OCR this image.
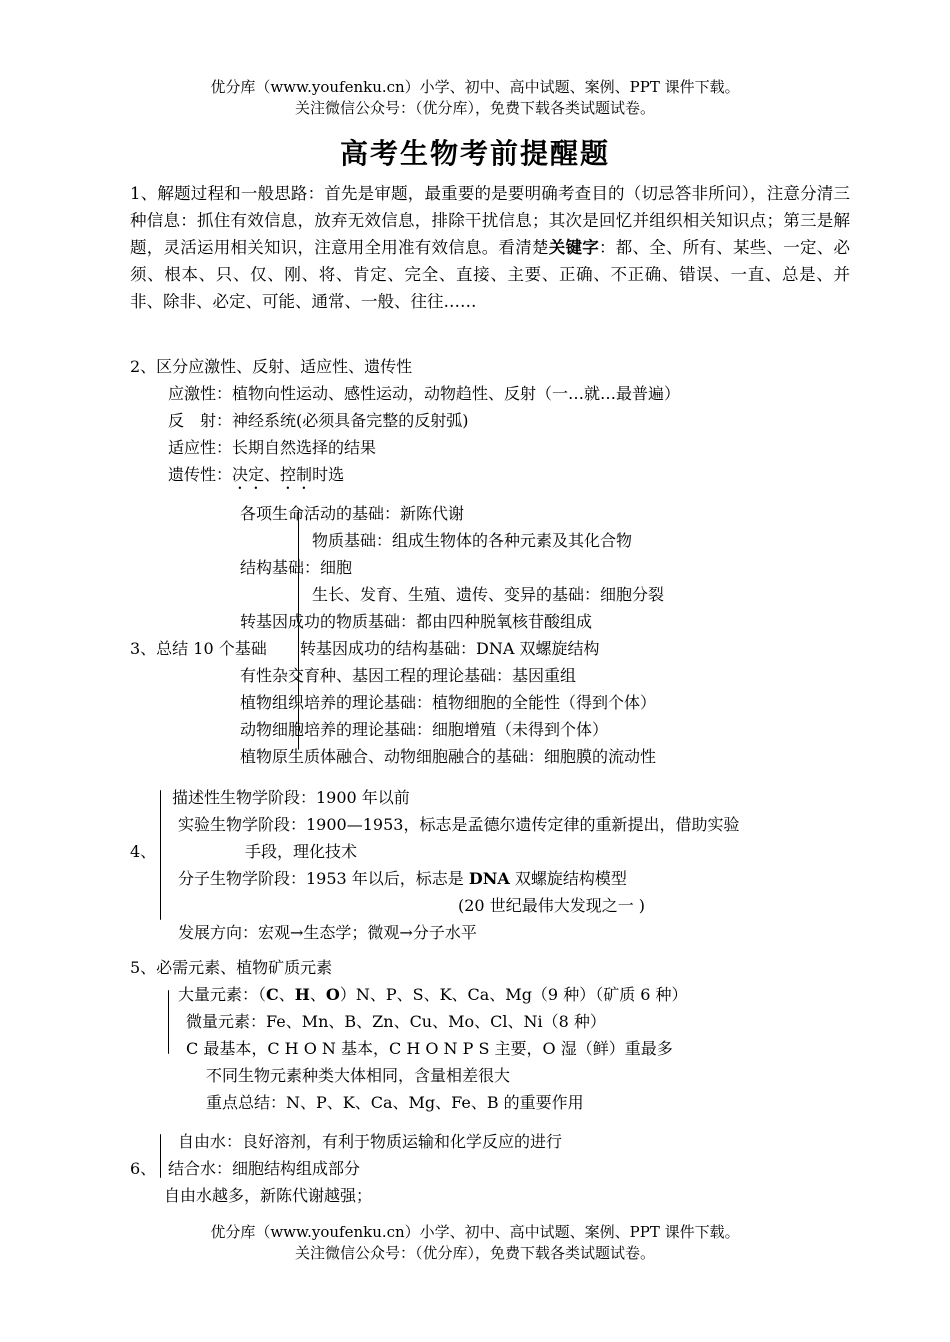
优分库（www.youfenku.cn）小学、初中、高中试题、案例、PPT 课件下载。
关注微信公众号：（优分库），免费下载各类试题试卷。
高考生物考前提醒题
1、解题过程和一般思路：首先是审题，最重要的是要明确考查目的（切忌答非所问），注意分清三种信息：抓住有效信息，放弃无效信息，排除干扰信息；其次是回忆并组织相关知识点；第三是解题，灵活运用相关知识，注意用全用准有效信息。看清楚关键字：都、全、所有、某些、一定、必须、根本、只、仅、刚、将、肯定、完全、直接、主要、正确、不正确、错误、一直、总是、并非、除非、必定、可能、通常、一般、往往……
2、区分应激性、反射、适应性、遗传性
应激性：植物向性运动、感性运动，动物趋性、反射（一…就…最普遍）
反　射：神经系统(必须具备完整的反射弧)
适应性：长期自然选择的结果
遗传性：决定、控制时选
各项生命活动的基础：新陈代谢
物质基础：组成生物体的各种元素及其化合物
结构基础：细胞
生长、发育、生殖、遗传、变异的基础：细胞分裂
转基因成功的物质基础：都由四种脱氧核苷酸组成
3、总结 10 个基础 转基因成功的结构基础：DNA 双螺旋结构
有性杂交育种、基因工程的理论基础：基因重组
植物组织培养的理论基础：植物细胞的全能性（得到个体）
动物细胞培养的理论基础：细胞增殖（未得到个体）
植物原生质体融合、动物细胞融合的基础：细胞膜的流动性
4、
描述性生物学阶段：1900 年以前
实验生物学阶段：1900—1953，标志是孟德尔遗传定律的重新提出，借助实验
手段，理化技术
分子生物学阶段：1953 年以后，标志是 DNA 双螺旋结构模型
(20 世纪最伟大发现之一 )
发展方向：宏观→生态学；微观→分子水平
5、必需元素、植物矿质元素
大量元素：（C、H、O）N、P、S、K、Ca、Mg（9 种）（矿质 6 种）
微量元素：Fe、Mn、B、Zn、Cu、Mo、Cl、Ni（8 种）
C 最基本，C H O N 基本，C H O N P S 主要，O 湿（鲜）重最多
不同生物元素种类大体相同，含量相差很大
重点总结：N、P、K、Ca、Mg、Fe、B 的重要作用
6、
自由水：良好溶剂，有利于物质运输和化学反应的进行
结合水：细胞结构组成部分
自由水越多，新陈代谢越强；
优分库（www.youfenku.cn）小学、初中、高中试题、案例、PPT 课件下载。
关注微信公众号：（优分库），免费下载各类试题试卷。
